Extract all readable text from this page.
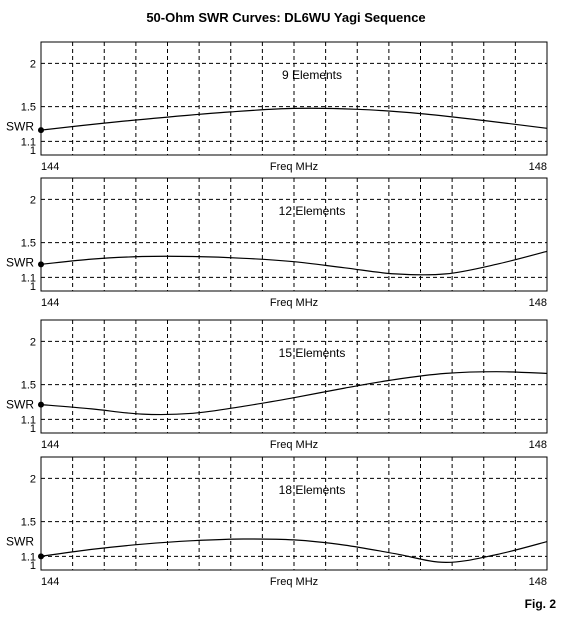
50-Ohm SWR Curves: DL6WU Yagi Sequence
1
1.1
1.5
2
SWR
144	148
Freq MHz
9 Elements
1
1.1
1.5
2
SWR
144	148
Freq MHz
12 Elements
1
1.1
1.5
2
SWR
144	148
Freq MHz
15 Elements
1
1.1
1.5
2
SWR
144	148
Freq MHz
18 Elements
Fig. 2
